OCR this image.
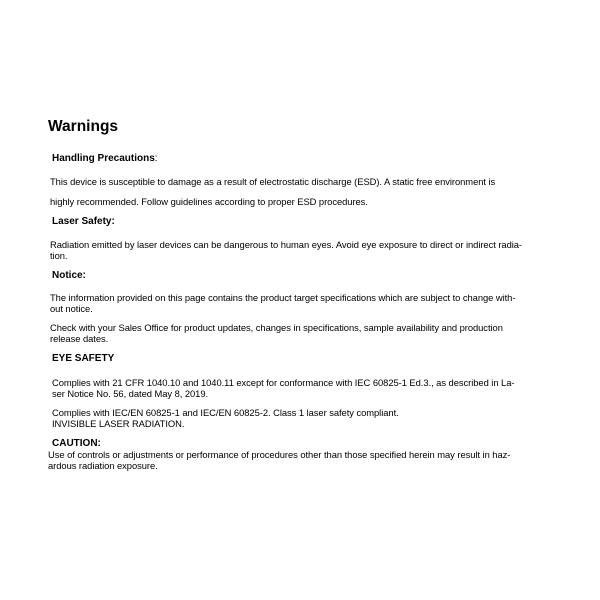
Warnings
Handling Precautions:

This device is susceptible to damage as a result of electrostatic discharge (ESD). A static free environment is

highly recommended. Follow guidelines according to proper ESD procedures.

Laser Safety:

Radiation emitted by laser devices can be dangerous to human eyes. Avoid eye exposure to direct or indirect radia-

tion.

Notice:

The information provided on this page contains the product target specifications which are subject to change with-

out notice.

Check with your Sales Office for product updates, changes in specifications, sample availability and production

release dates.

EYE SAFETY

Complies with 21 CFR 1040.10 and 1040.11 except for conformance with IEC 60825-1 Ed.3., as described in La-

ser Notice No. 56, dated May 8, 2019.

Complies with IEC/EN 60825-1 and IEC/EN 60825-2. Class 1 laser safety compliant.

INVISIBLE LASER RADIATION.

CAUTION:

Use of controls or adjustments or performance of procedures other than those specified herein may result in haz-

ardous radiation exposure.
